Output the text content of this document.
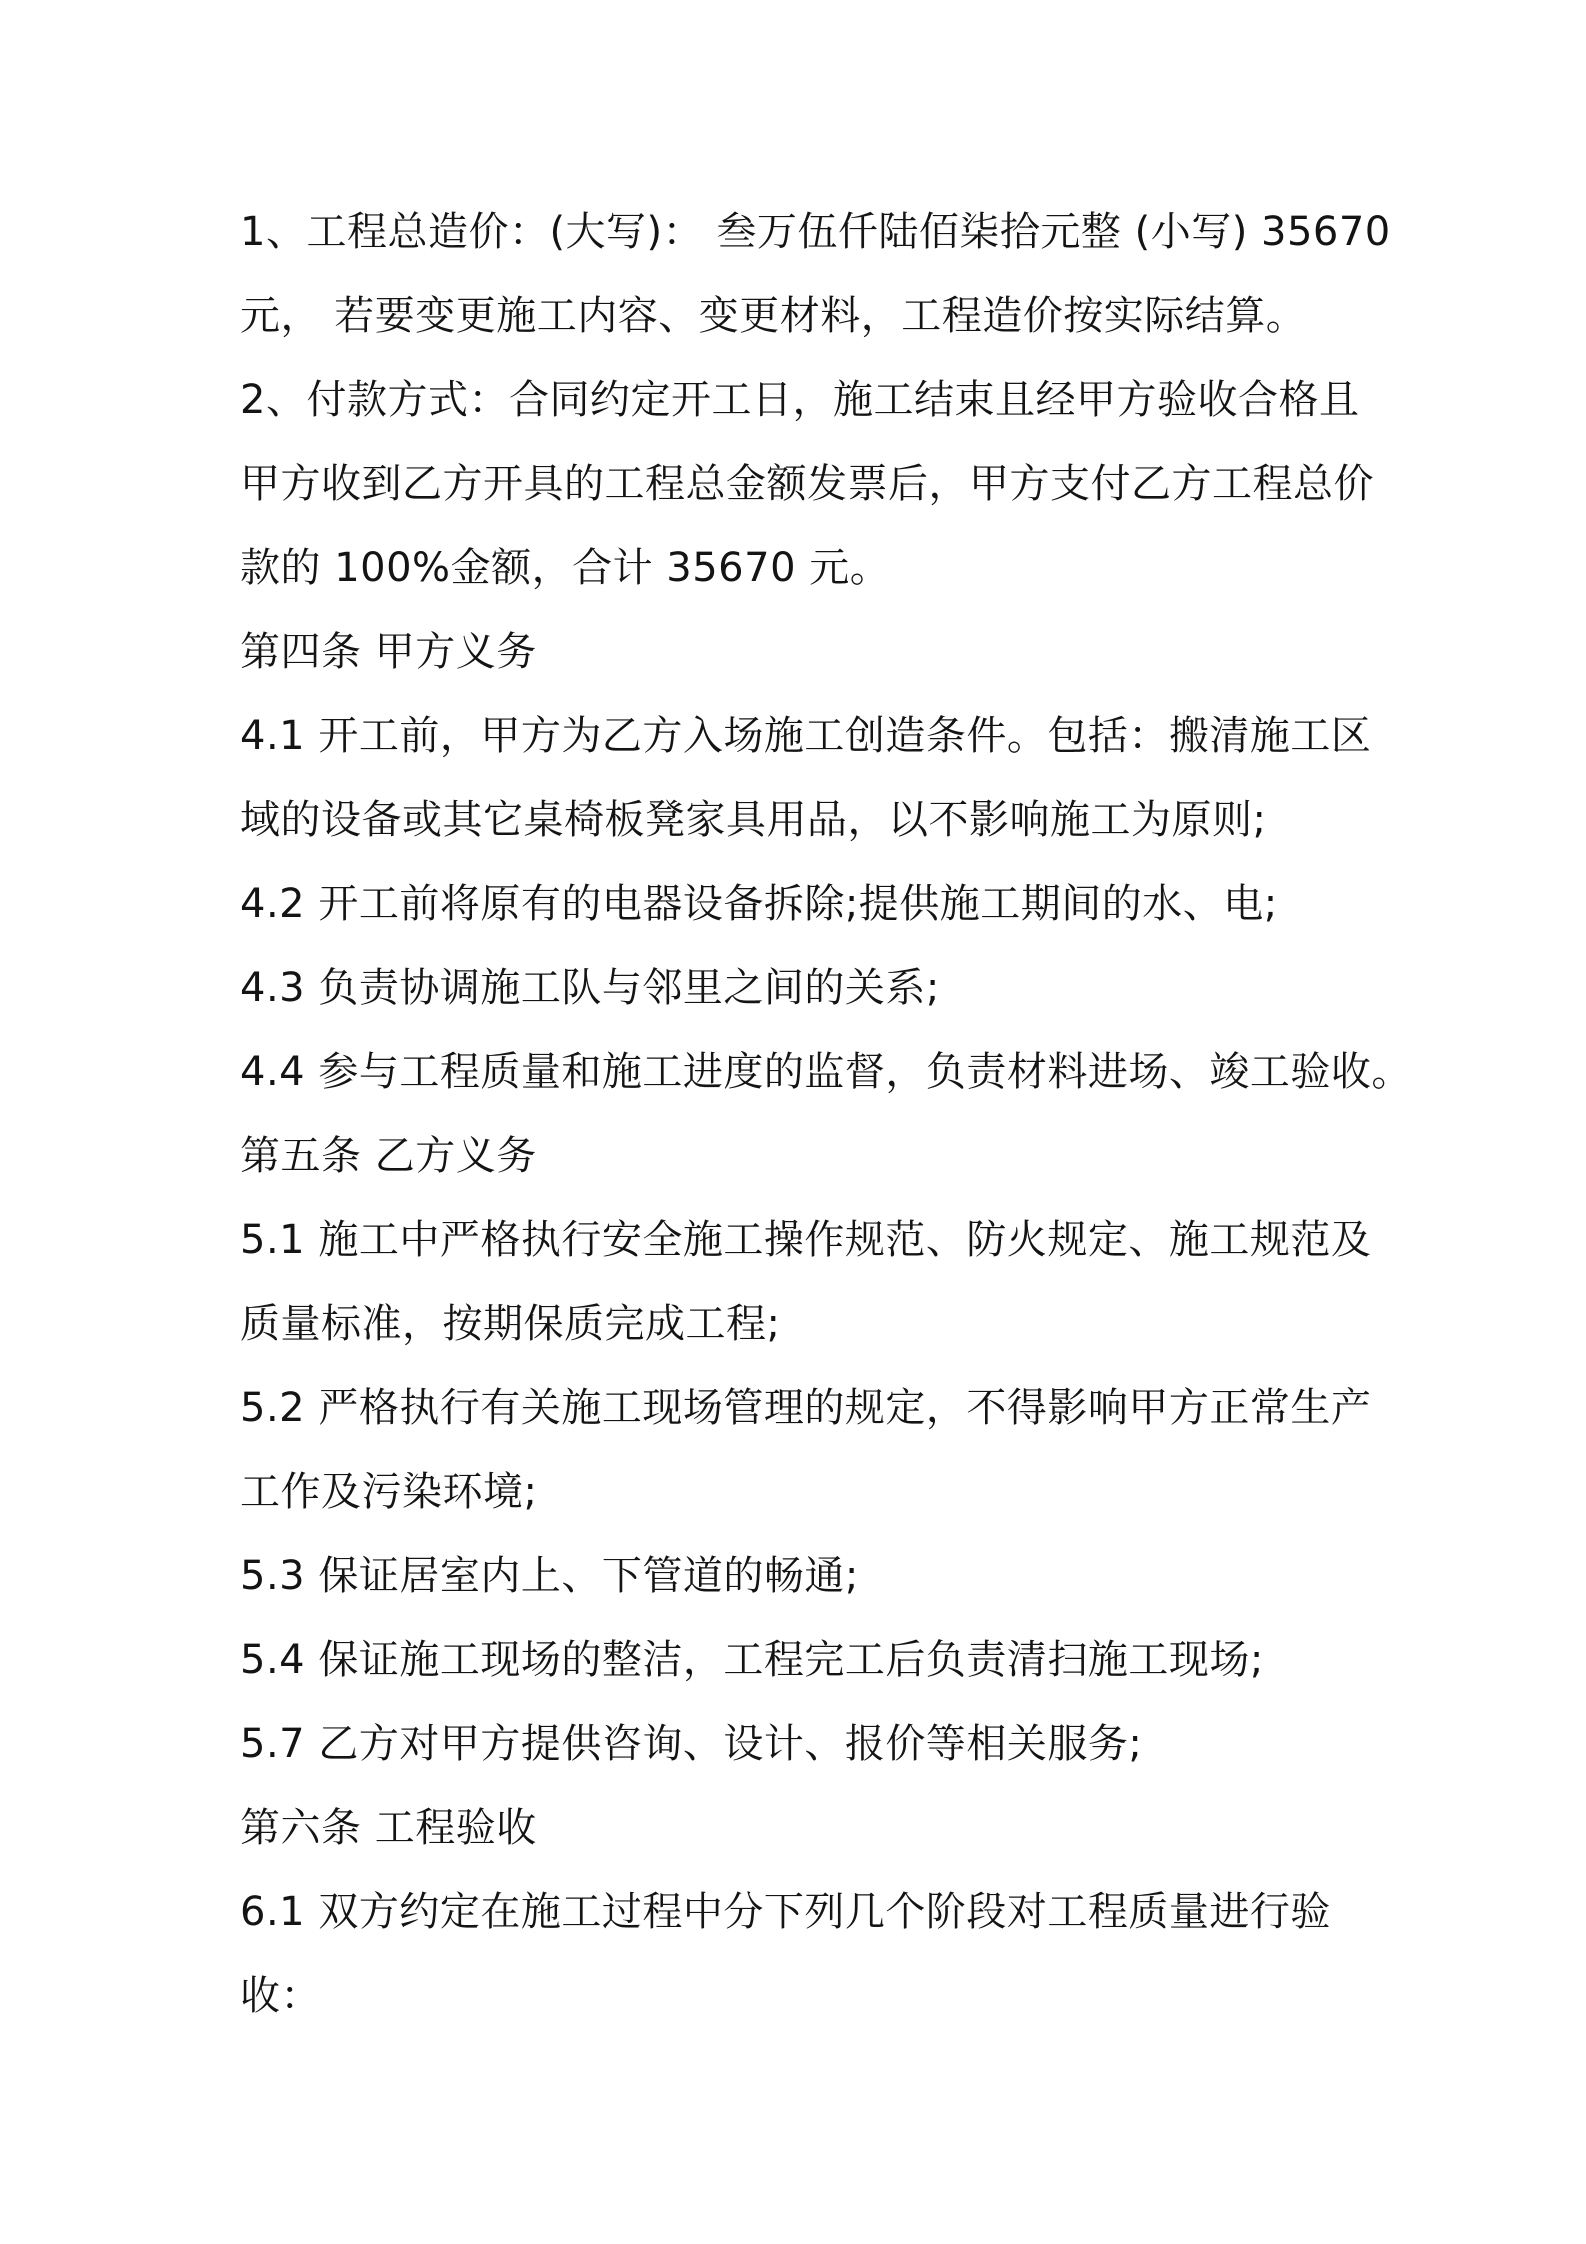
1、工程总造价：(大写)： 叁万伍仟陆佰柒拾元整 (小写) 35670
元， 若要变更施工内容、变更材料，工程造价按实际结算。
2、付款方式：合同约定开工日，施工结束且经甲方验收合格且
甲方收到乙方开具的工程总金额发票后，甲方支付乙方工程总价
款的 100%金额，合计 35670 元。
第四条 甲方义务
4.1 开工前，甲方为乙方入场施工创造条件。包括：搬清施工区
域的设备或其它桌椅板凳家具用品，以不影响施工为原则;
4.2 开工前将原有的电器设备拆除;提供施工期间的水、电;
4.3 负责协调施工队与邻里之间的关系;
4.4 参与工程质量和施工进度的监督，负责材料进场、竣工验收。
第五条 乙方义务
5.1 施工中严格执行安全施工操作规范、防火规定、施工规范及
质量标准，按期保质完成工程;
5.2 严格执行有关施工现场管理的规定，不得影响甲方正常生产
工作及污染环境;
5.3 保证居室内上、下管道的畅通;
5.4 保证施工现场的整洁，工程完工后负责清扫施工现场;
5.7 乙方对甲方提供咨询、设计、报价等相关服务;
第六条 工程验收
6.1 双方约定在施工过程中分下列几个阶段对工程质量进行验
收：
